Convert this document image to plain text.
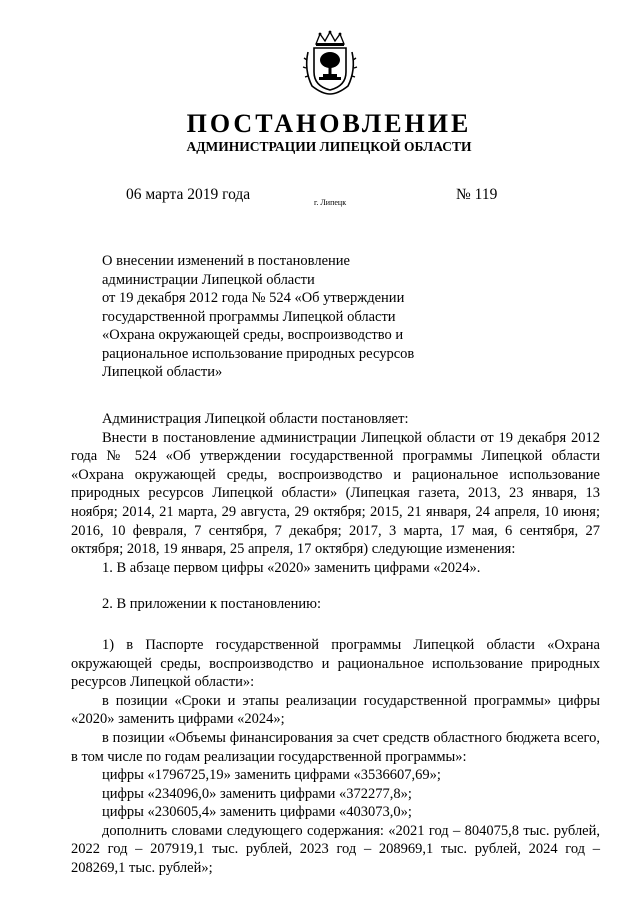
ПОСТАНОВЛЕНИЕ
АДМИНИСТРАЦИИ ЛИПЕЦКОЙ ОБЛАСТИ
06 марта 2019 года	г. Липецк	№ 119
О внесении изменений в постановление
администрации Липецкой области
от 19 декабря 2012 года № 524 «Об утверждении
государственной программы Липецкой области
«Охрана окружающей среды, воспроизводство и
рациональное использование природных ресурсов
Липецкой области»

Администрация Липецкой области постановляет:

Внести в постановление администрации Липецкой области от 19 декабря 2012 года № 524 «Об утверждении государственной программы Липецкой области «Охрана окружающей среды, воспроизводство и рациональное использование природных ресурсов Липецкой области» (Липецкая газета, 2013, 23 января, 13 ноября; 2014, 21 марта, 29 августа, 29 октября; 2015, 21 января, 24 апреля, 10 июня; 2016, 10 февраля, 7 сентября, 7 декабря; 2017, 3 марта, 17 мая, 6 сентября, 27 октября; 2018, 19 января, 25 апреля, 17 октября) следующие изменения:

1. В абзаце первом цифры «2020» заменить цифрами «2024».

2. В приложении к постановлению:

1) в Паспорте государственной программы Липецкой области «Охрана окружающей среды, воспроизводство и рациональное использование природных ресурсов Липецкой области»:

в позиции «Сроки и этапы реализации государственной программы» цифры «2020» заменить цифрами «2024»;

в позиции «Объемы финансирования за счет средств областного бюджета всего, в том числе по годам реализации государственной программы»:

цифры «1796725,19» заменить цифрами «3536607,69»;

цифры «234096,0» заменить цифрами «372277,8»;

цифры «230605,4» заменить цифрами «403073,0»;

дополнить словами следующего содержания: «2021 год – 804075,8 тыс. рублей, 2022 год – 207919,1 тыс. рублей, 2023 год – 208969,1 тыс. рублей, 2024 год – 208269,1 тыс. рублей»;
